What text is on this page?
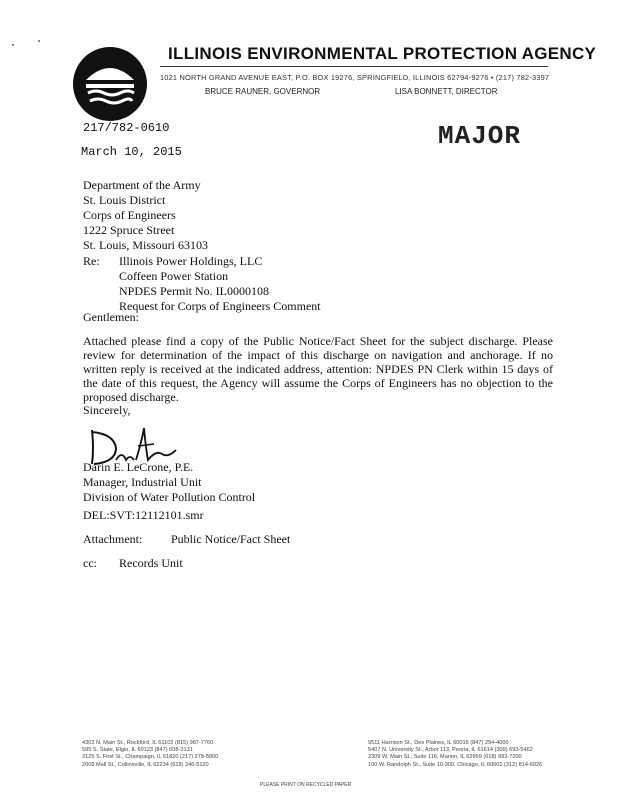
ILLINOIS ENVIRONMENTAL PROTECTION AGENCY
1021 NORTH GRAND AVENUE EAST, P.O. BOX 19276, SPRINGFIELD, ILLINOIS 62794-9276 • (217) 782-3397
BRUCE RAUNER, GOVERNOR	LISA BONNETT, DIRECTOR
217/782-0610	MAJOR
March 10, 2015
Department of the Army
St. Louis District
Corps of Engineers
1222 Spruce Street
St. Louis, Missouri 63103
Re: Illinois Power Holdings, LLC
Coffeen Power Station
NPDES Permit No. IL0000108
Request for Corps of Engineers Comment
Gentlemen:
Attached please find a copy of the Public Notice/Fact Sheet for the subject discharge. Please review for determination of the impact of this discharge on navigation and anchorage. If no written reply is received at the indicated address, attention: NPDES PN Clerk within 15 days of the date of this request, the Agency will assume the Corps of Engineers has no objection to the proposed discharge.
Sincerely,
Darin E. LeCrone, P.E.
Manager, Industrial Unit
Division of Water Pollution Control
DEL:SVT:12112101.smr
Attachment: Public Notice/Fact Sheet
cc: Records Unit
4302 N. Main St., Rockford, IL 61103 (815) 987-7760
595 S. State, Elgin, IL 60123 (847) 608-3131
2125 S. First St., Champaign, IL 61820 (217) 278-5800
2009 Mall St., Collinsville, IL 62234 (618) 346-5120
9511 Harrison St., Des Plaines, IL 60016 (847) 294-4000
5407 N. University St., Arbor 113, Peoria, IL 61614 (309) 693-5462
2309 W. Main St., Suite 116, Marion, IL 62959 (618) 993-7200
100 W. Randolph St., Suite 10-300, Chicago, IL 60601 (312) 814-6026
PLEASE PRINT ON RECYCLED PAPER
